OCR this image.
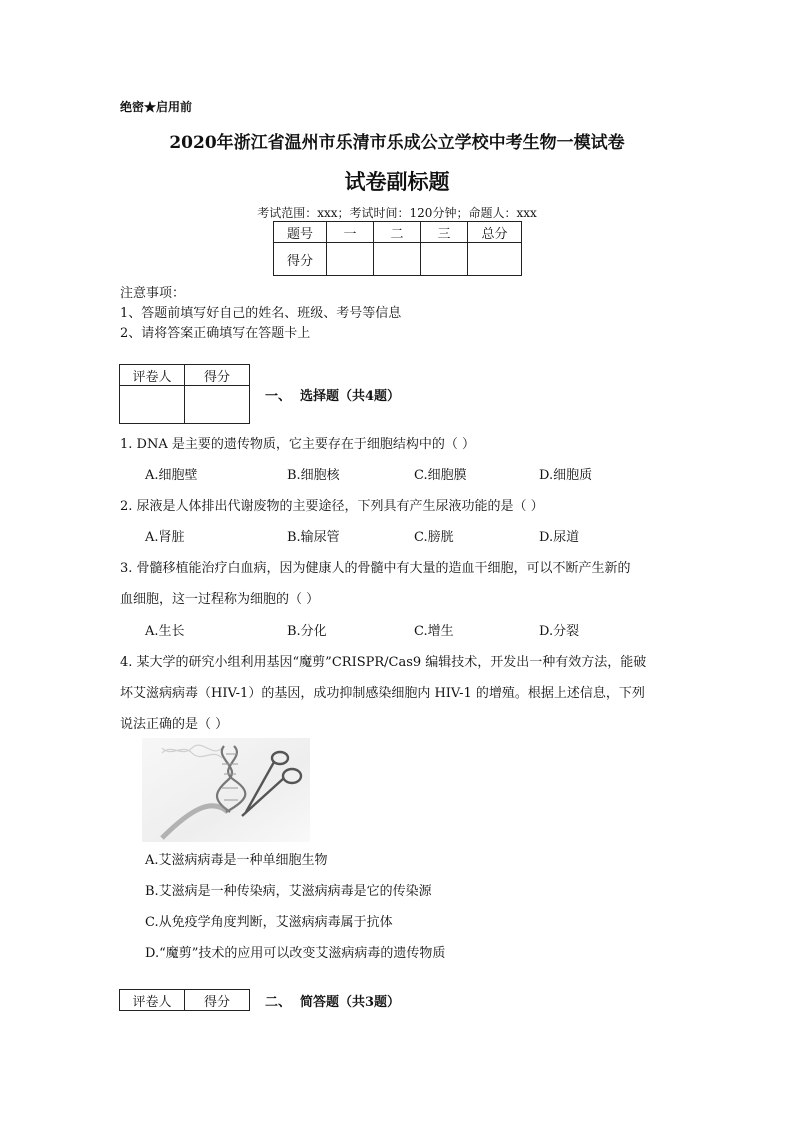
绝密★启用前
2020年浙江省温州市乐清市乐成公立学校中考生物一模试卷
试卷副标题
考试范围：xxx；考试时间：120分钟；命题人：xxx
题号	一	二	三	总分
得分				
注意事项：
1、答题前填写好自己的姓名、班级、考号等信息
2、请将答案正确填写在答题卡上
评卷人	得分

一、 选择题（共4题）
1. DNA 是主要的遗传物质，它主要存在于细胞结构中的（ ）
A.细胞壁	B.细胞核	C.细胞膜	D.细胞质
2. 尿液是人体排出代谢废物的主要途径，下列具有产生尿液功能的是（ ）
A.肾脏	B.输尿管	C.膀胱	D.尿道
3. 骨髓移植能治疗白血病，因为健康人的骨髓中有大量的造血干细胞，可以不断产生新的
血细胞，这一过程称为细胞的（ ）
A.生长	B.分化	C.增生	D.分裂
4. 某大学的研究小组利用基因“魔剪”CRISPR/Cas9 编辑技术，开发出一种有效方法，能破
坏艾滋病病毒（HIV-1）的基因，成功抑制感染细胞内 HIV-1 的增殖。根据上述信息，下列
说法正确的是（ ）
A.艾滋病病毒是一种单细胞生物
B.艾滋病是一种传染病，艾滋病病毒是它的传染源
C.从免疫学角度判断，艾滋病病毒属于抗体
D.“魔剪”技术的应用可以改变艾滋病病毒的遗传物质
评卷人	得分	二、 简答题（共3题）
